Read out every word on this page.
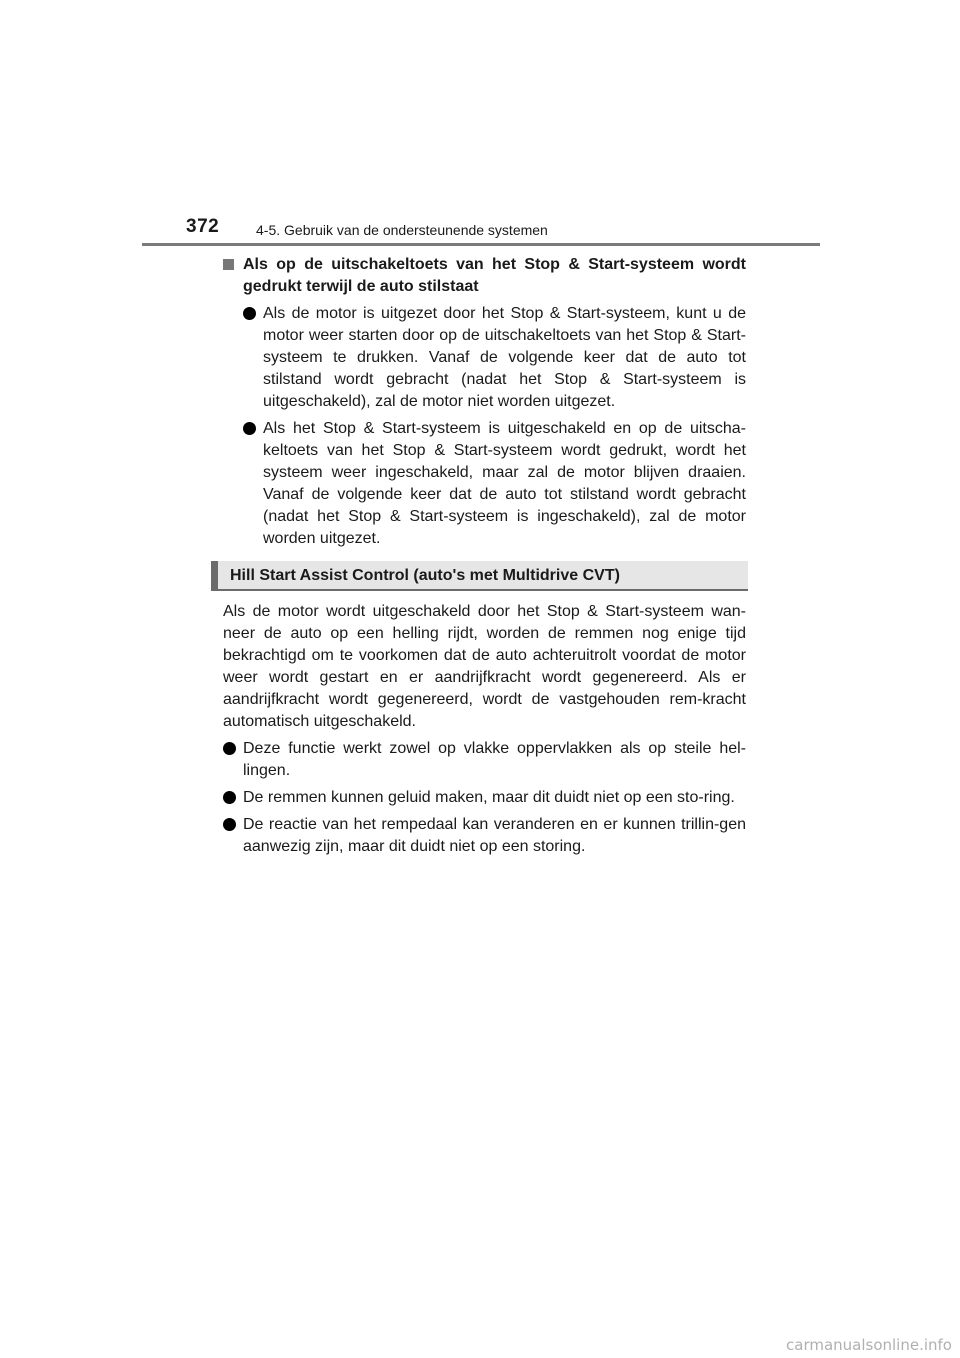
372	4-5. Gebruik van de ondersteunende systemen
Als op de uitschakeltoets van het Stop & Start-systeem wordt gedrukt terwijl de auto stilstaat
Als de motor is uitgezet door het Stop & Start-systeem, kunt u de motor weer starten door op de uitschakeltoets van het Stop & Start-systeem te drukken. Vanaf de volgende keer dat de auto tot stilstand wordt gebracht (nadat het Stop & Start-systeem is uitgeschakeld), zal de motor niet worden uitgezet.
Als het Stop & Start-systeem is uitgeschakeld en op de uitscha-keltoets van het Stop & Start-systeem wordt gedrukt, wordt het systeem weer ingeschakeld, maar zal de motor blijven draaien. Vanaf de volgende keer dat de auto tot stilstand wordt gebracht (nadat het Stop & Start-systeem is ingeschakeld), zal de motor worden uitgezet.
Hill Start Assist Control (auto's met Multidrive CVT)
Als de motor wordt uitgeschakeld door het Stop & Start-systeem wan-neer de auto op een helling rijdt, worden de remmen nog enige tijd bekrachtigd om te voorkomen dat de auto achteruitrolt voordat de motor weer wordt gestart en er aandrijfkracht wordt gegenereerd. Als er aandrijfkracht wordt gegenereerd, wordt de vastgehouden rem-kracht automatisch uitgeschakeld.
Deze functie werkt zowel op vlakke oppervlakken als op steile hel-lingen.
De remmen kunnen geluid maken, maar dit duidt niet op een sto-ring.
De reactie van het rempedaal kan veranderen en er kunnen trillin-gen aanwezig zijn, maar dit duidt niet op een storing.
carmanualsonline.info
